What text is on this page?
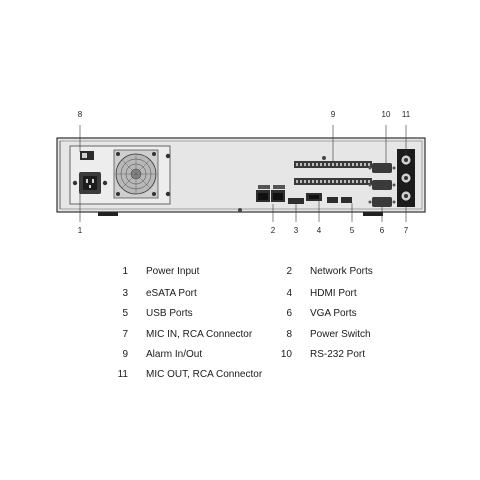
8	9	10 11
1	2 3 4	5	6 7
1 Power Input	2 Network Ports
3 eSATA Port	4 HDMI Port
5 USB Ports	6 VGA Ports
7 MIC IN, RCA Connector	8 Power Switch
9 Alarm In/Out	10 RS-232 Port
11 MIC OUT, RCA Connector
